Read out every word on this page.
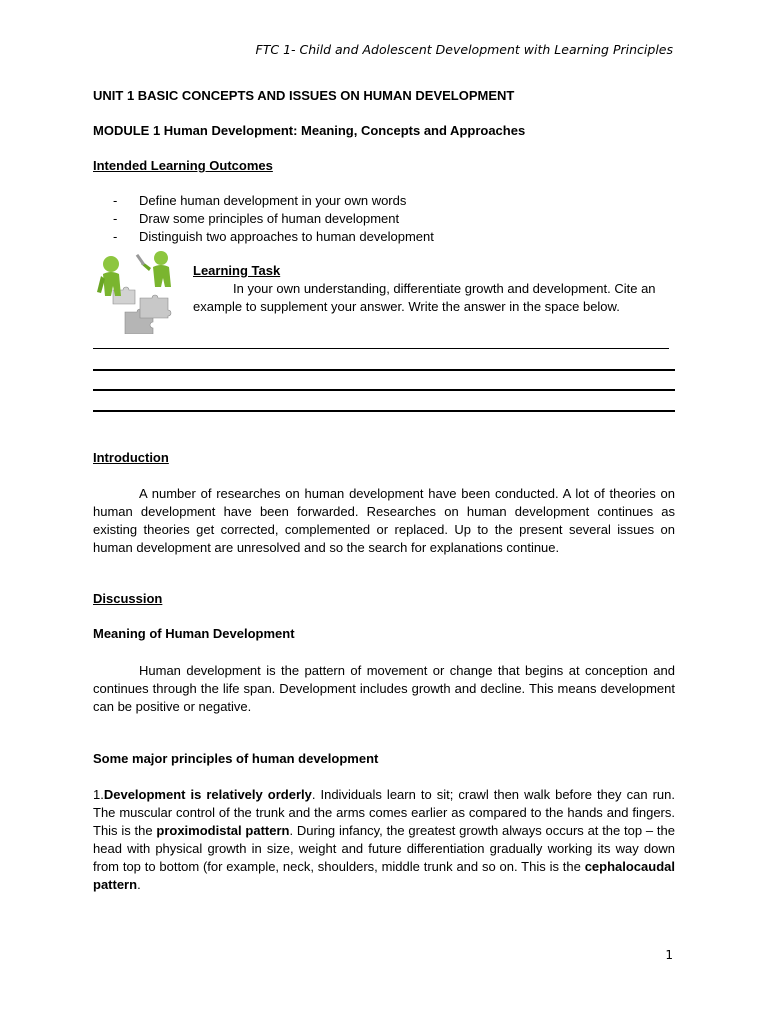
FTC 1- Child and Adolescent Development with Learning Principles
UNIT 1 BASIC CONCEPTS AND ISSUES ON HUMAN DEVELOPMENT
MODULE 1 Human Development: Meaning, Concepts and Approaches
Intended Learning Outcomes
- Define human development in your own words
- Draw some principles of human development
- Distinguish two approaches to human development
Learning Task
In your own understanding, differentiate growth and development. Cite an example to supplement your answer. Write the answer in the space below.
Introduction
A number of researches on human development have been conducted. A lot of theories on human development have been forwarded. Researches on human development continues as existing theories get corrected, complemented or replaced. Up to the present several issues on human development are unresolved and so the search for explanations continue.
Discussion
Meaning of Human Development
Human development is the pattern of movement or change that begins at conception and continues through the life span. Development includes growth and decline. This means development can be positive or negative.
Some major principles of human development
1.Development is relatively orderly. Individuals learn to sit; crawl then walk before they can run. The muscular control of the trunk and the arms comes earlier as compared to the hands and fingers. This is the proximodistal pattern. During infancy, the greatest growth always occurs at the top – the head with physical growth in size, weight and future differentiation gradually working its way down from top to bottom (for example, neck, shoulders, middle trunk and so on. This is the cephalocaudal pattern.
1
